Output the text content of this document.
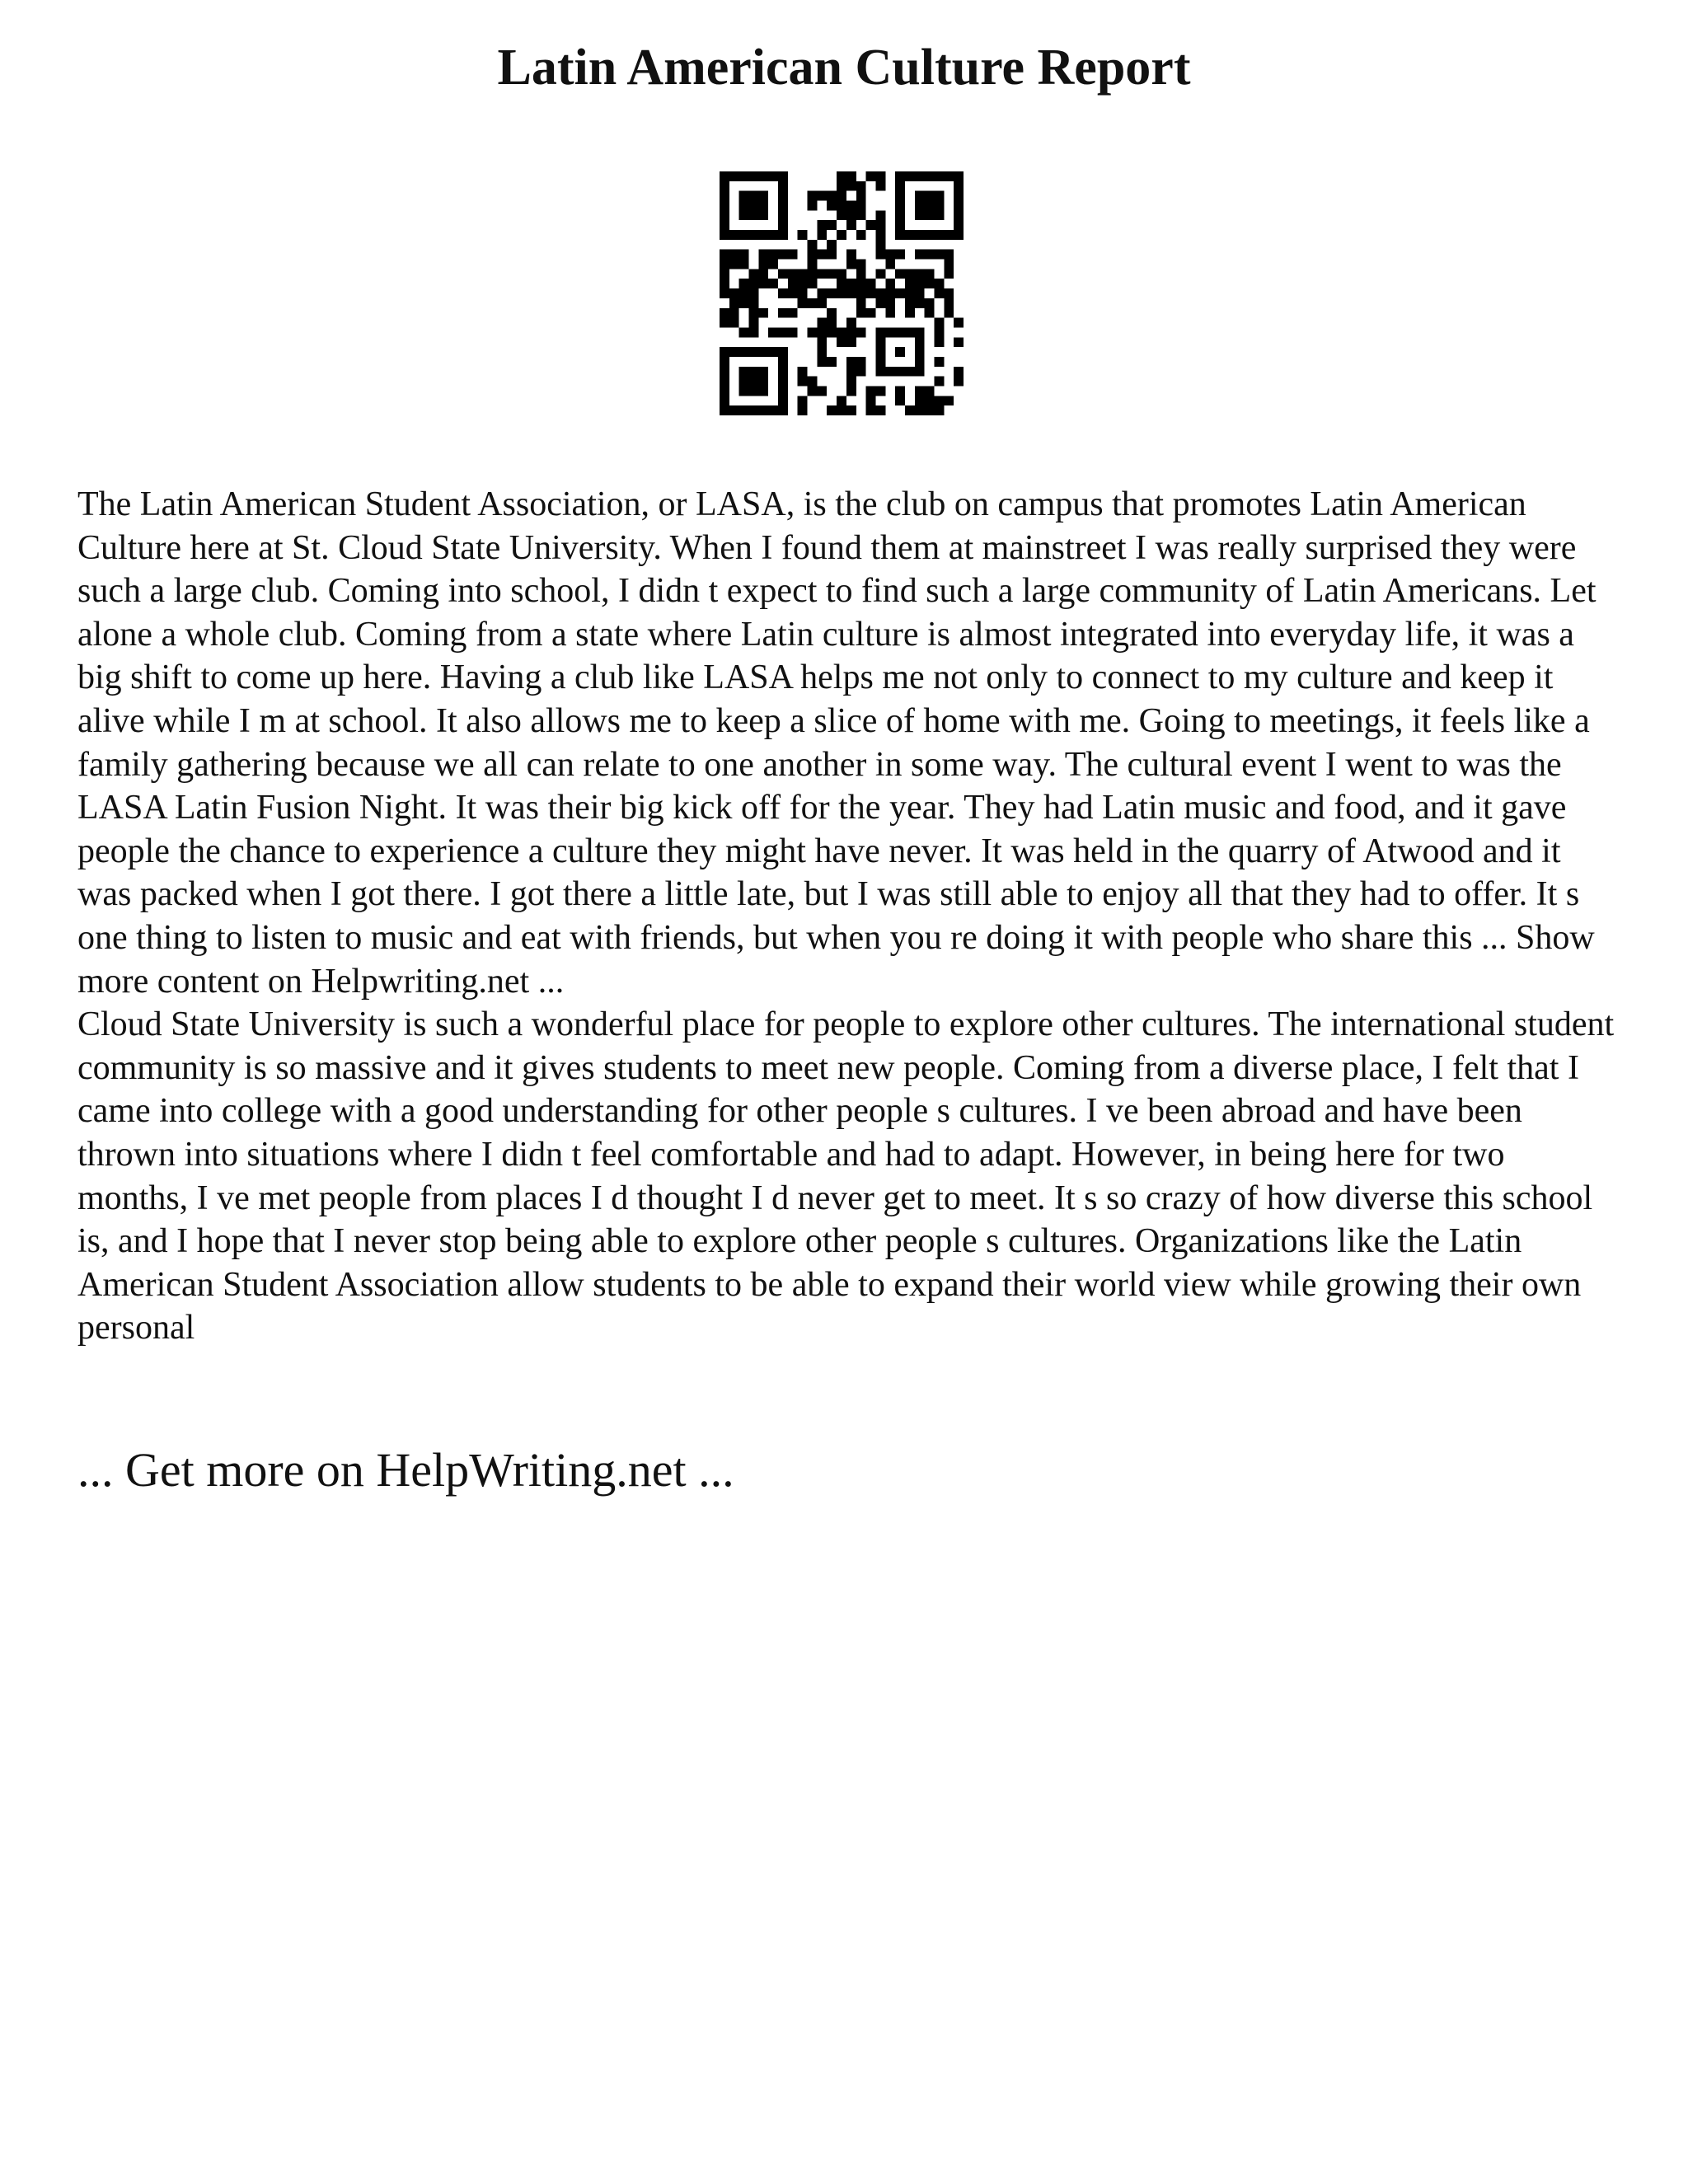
Latin American Culture Report

The Latin American Student Association, or LASA, is the club on campus that promotes Latin American Culture here at St. Cloud State University. When I found them at mainstreet I was really surprised they were such a large club. Coming into school, I didn t expect to find such a large community of Latin Americans. Let alone a whole club. Coming from a state where Latin culture is almost integrated into everyday life, it was a big shift to come up here. Having a club like LASA helps me not only to connect to my culture and keep it alive while I m at school. It also allows me to keep a slice of home with me. Going to meetings, it feels like a family gathering because we all can relate to one another in some way. The cultural event I went to was the LASA Latin Fusion Night. It was their big kick off for the year. They had Latin music and food, and it gave people the chance to experience a culture they might have never. It was held in the quarry of Atwood and it was packed when I got there. I got there a little late, but I was still able to enjoy all that they had to offer. It s one thing to listen to music and eat with friends, but when you re doing it with people who share this ... Show more content on Helpwriting.net ...

Cloud State University is such a wonderful place for people to explore other cultures. The international student community is so massive and it gives students to meet new people. Coming from a diverse place, I felt that I came into college with a good understanding for other people s cultures. I ve been abroad and have been thrown into situations where I didn t feel comfortable and had to adapt. However, in being here for two months, I ve met people from places I d thought I d never get to meet. It s so crazy of how diverse this school is, and I hope that I never stop being able to explore other people s cultures. Organizations like the Latin American Student Association allow students to be able to expand their world view while growing their own personal

... Get more on HelpWriting.net ...
